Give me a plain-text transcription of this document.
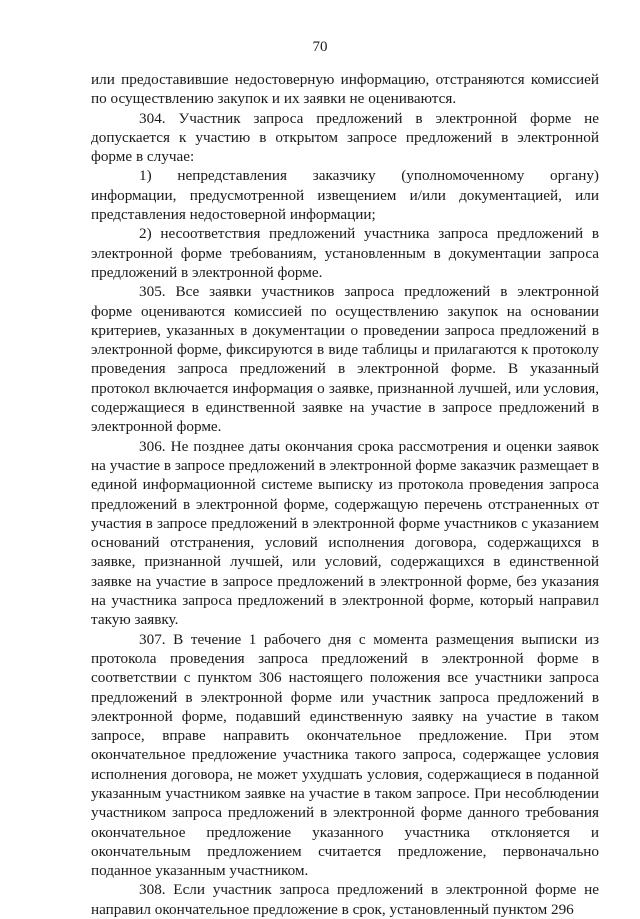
70

или предоставившие недостоверную информацию, отстраняются комиссией по осуществлению закупок и их заявки не оцениваются.

304. Участник запроса предложений в электронной форме не допускается к участию в открытом запросе предложений в электронной форме в случае:

1) непредставления заказчику (уполномоченному органу) информации, предусмотренной извещением и/или документацией, или представления недостоверной информации;

2) несоответствия предложений участника запроса предложений в электронной форме требованиям, установленным в документации запроса предложений в электронной форме.

305. Все заявки участников запроса предложений в электронной форме оцениваются комиссией по осуществлению закупок на основании критериев, указанных в документации о проведении запроса предложений в электронной форме, фиксируются в виде таблицы и прилагаются к протоколу проведения запроса предложений в электронной форме. В указанный протокол включается информация о заявке, признанной лучшей, или условия, содержащиеся в единственной заявке на участие в запросе предложений в электронной форме.

306. Не позднее даты окончания срока рассмотрения и оценки заявок на участие в запросе предложений в электронной форме заказчик размещает в единой информационной системе выписку из протокола проведения запроса предложений в электронной форме, содержащую перечень отстраненных от участия в запросе предложений в электронной форме участников с указанием оснований отстранения, условий исполнения договора, содержащихся в заявке, признанной лучшей, или условий, содержащихся в единственной заявке на участие в запросе предложений в электронной форме, без указания на участника запроса предложений в электронной форме, который направил такую заявку.

307. В течение 1 рабочего дня с момента размещения выписки из протокола проведения запроса предложений в электронной форме в соответствии с пунктом 306 настоящего положения все участники запроса предложений в электронной форме или участник запроса предложений в электронной форме, подавший единственную заявку на участие в таком запросе, вправе направить окончательное предложение. При этом окончательное предложение участника такого запроса, содержащее условия исполнения договора, не может ухудшать условия, содержащиеся в поданной указанным участником заявке на участие в таком запросе. При несоблюдении участником запроса предложений в электронной форме данного требования окончательное предложение указанного участника отклоняется и окончательным предложением считается предложение, первоначально поданное указанным участником.

308. Если участник запроса предложений в электронной форме не направил окончательное предложение в срок, установленный пунктом 296
